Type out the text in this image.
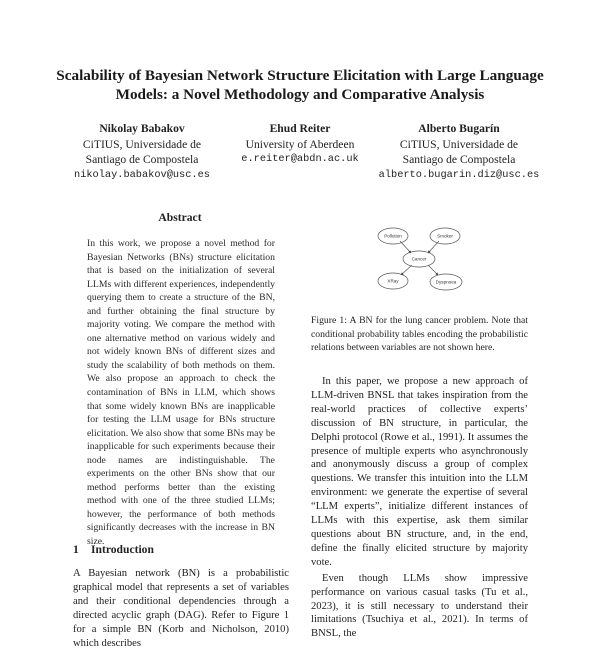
Scalability of Bayesian Network Structure Elicitation with Large Language Models: a Novel Methodology and Comparative Analysis
Nikolay Babakov
CiTIUS, Universidade de
Santiago de Compostela
nikolay.babakov@usc.es
Ehud Reiter
University of Aberdeen
e.reiter@abdn.ac.uk
Alberto Bugarín
CiTIUS, Universidade de
Santiago de Compostela
alberto.bugarin.diz@usc.es
Abstract
In this work, we propose a novel method for Bayesian Networks (BNs) structure elicitation that is based on the initialization of several LLMs with different experiences, independently querying them to create a structure of the BN, and further obtaining the final structure by majority voting. We compare the method with one alternative method on various widely and not widely known BNs of different sizes and study the scalability of both methods on them. We also propose an approach to check the contamination of BNs in LLM, which shows that some widely known BNs are inapplicable for testing the LLM usage for BNs structure elicitation. We also show that some BNs may be inapplicable for such experiments because their node names are indistinguishable. The experiments on the other BNs show that our method performs better than the existing method with one of the three studied LLMs; however, the performance of both methods significantly decreases with the increase in BN size.
1 Introduction
A Bayesian network (BN) is a probabilistic graphical model that represents a set of variables and their conditional dependencies through a directed acyclic graph (DAG). Refer to Figure 1 for a simple BN (Korb and Nicholson, 2010) which describes
Pollution	Smoker
Cancer
XRay	Dyspnoea
Figure 1: A BN for the lung cancer problem. Note that conditional probability tables encoding the probabilistic relations between variables are not shown here.

In this paper, we propose a new approach of LLM-driven BNSL that takes inspiration from the real-world practices of collective experts’ discussion of BN structure, in particular, the Delphi protocol (Rowe et al., 1991). It assumes the presence of multiple experts who asynchronously and anonymously discuss a group of complex questions. We transfer this intuition into the LLM environment: we generate the expertise of several “LLM experts”, initialize different instances of LLMs with this expertise, ask them similar questions about BN structure, and, in the end, define the finally elicited structure by majority vote.

Even though LLMs show impressive performance on various casual tasks (Tu et al., 2023), it is still necessary to understand their limitations (Tsuchiya et al., 2021). In terms of BNSL, the
